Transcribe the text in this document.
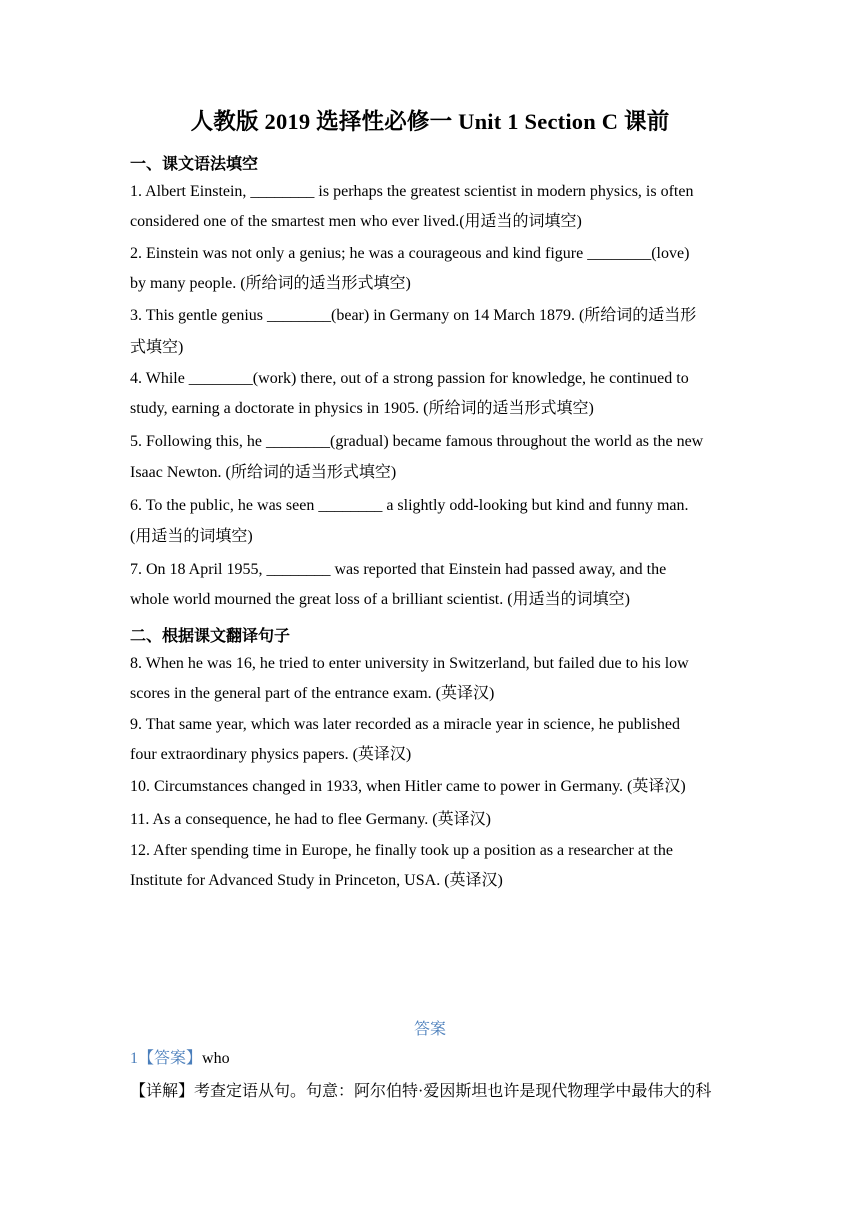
人教版 2019 选择性必修一 Unit 1 Section C 课前
一、课文语法填空
1. Albert Einstein, ________ is perhaps the greatest scientist in modern physics, is often
considered one of the smartest men who ever lived.(用适当的词填空)
2. Einstein was not only a genius; he was a courageous and kind figure ________(love)
by many people. (所给词的适当形式填空)
3. This gentle genius ________(bear) in Germany on 14 March 1879. (所给词的适当形
式填空)
4. While ________(work) there, out of a strong passion for knowledge, he continued to
study, earning a doctorate in physics in 1905. (所给词的适当形式填空)
5. Following this, he ________(gradual) became famous throughout the world as the new
Isaac Newton. (所给词的适当形式填空)
6. To the public, he was seen ________ a slightly odd-looking but kind and funny man.
(用适当的词填空)
7. On 18 April 1955, ________ was reported that Einstein had passed away, and the
whole world mourned the great loss of a brilliant scientist. (用适当的词填空)
二、根据课文翻译句子
8. When he was 16, he tried to enter university in Switzerland, but failed due to his low
scores in the general part of the entrance exam. (英译汉)
9. That same year, which was later recorded as a miracle year in science, he published
four extraordinary physics papers. (英译汉)
10. Circumstances changed in 1933, when Hitler came to power in Germany. (英译汉)
11. As a consequence, he had to flee Germany. (英译汉)
12. After spending time in Europe, he finally took up a position as a researcher at the
Institute for Advanced Study in Princeton, USA. (英译汉)
答案
1【答案】who
【详解】考查定语从句。句意：阿尔伯特·爱因斯坦也许是现代物理学中最伟大的科
